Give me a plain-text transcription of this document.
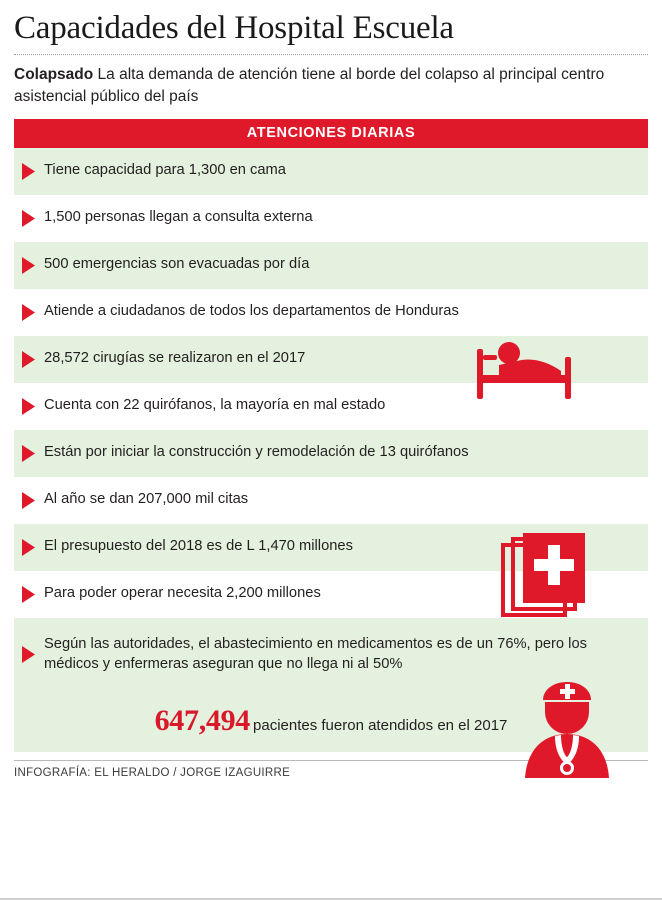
Capacidades del Hospital Escuela

Colapsado La alta demanda de atención tiene al borde del colapso al principal centro asistencial público del país

ATENCIONES DIARIAS
Tiene capacidad para 1,300 en cama
1,500 personas llegan a consulta externa
500 emergencias son evacuadas por día
Atiende a ciudadanos de todos los departamentos de Honduras
28,572 cirugías se realizaron en el 2017
Cuenta con 22 quirófanos, la mayoría en mal estado
Están por iniciar la construcción y remodelación de 13 quirófanos
Al año se dan 207,000 mil citas
El presupuesto del 2018 es de L 1,470 millones
Para poder operar necesita 2,200 millones
Según las autoridades, el abastecimiento en medicamentos es de un 76%, pero los médicos y enfermeras aseguran que no llega ni al 50%
647,494 pacientes fueron atendidos en el 2017
INFOGRAFÍA: EL HERALDO / JORGE IZAGUIRRE
